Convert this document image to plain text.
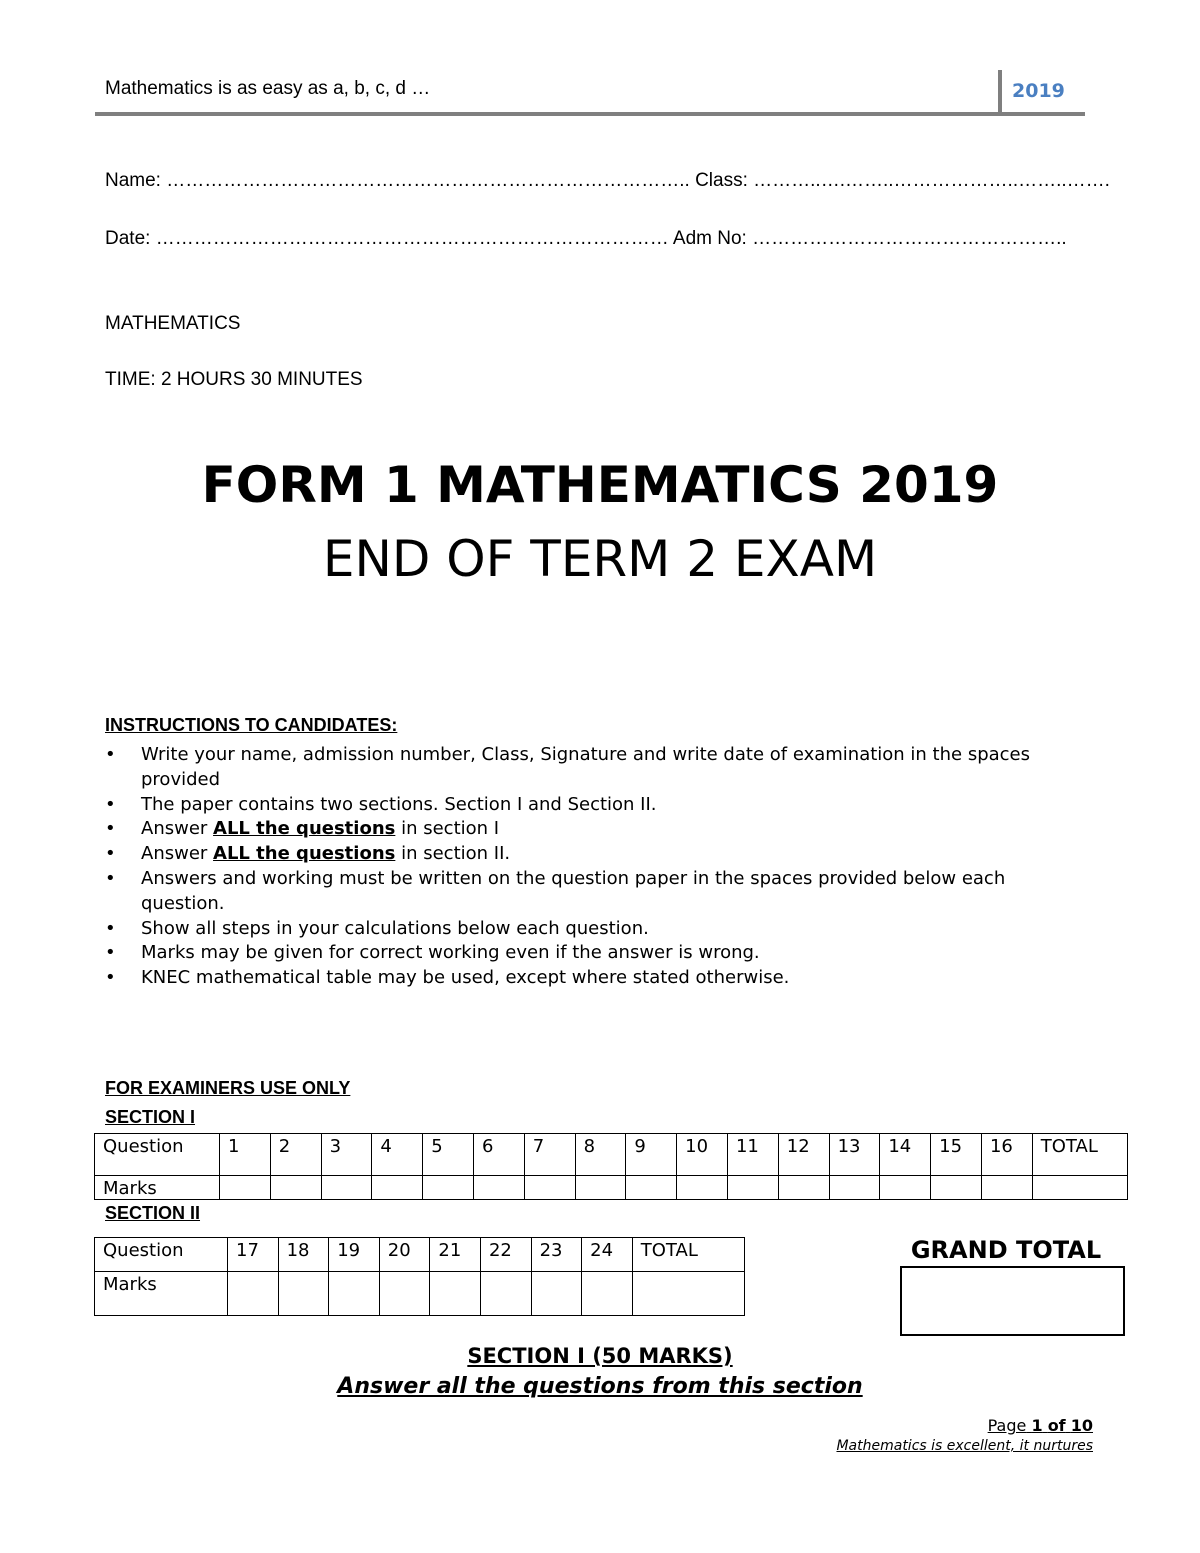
Mathematics is as easy as a, b, c, d …	2019
Name: ……………………………………………………………………….. Class: ………..….……..………………..……..…….
Date: ……………………………………………………………………… Adm No: …………………………………………..
MATHEMATICS
TIME: 2 HOURS 30 MINUTES
FORM 1 MATHEMATICS 2019
END OF TERM 2 EXAM
INSTRUCTIONS TO CANDIDATES:
• Write your name, admission number, Class, Signature and write date of examination in the spaces provided
• The paper contains two sections. Section I and Section II.
• Answer ALL the questions in section I
• Answer ALL the questions in section II.
• Answers and working must be written on the question paper in the spaces provided below each question.
• Show all steps in your calculations below each question.
• Marks may be given for correct working even if the answer is wrong.
• KNEC mathematical table may be used, except where stated otherwise.
FOR EXAMINERS USE ONLY
SECTION I
Question	1	2	3	4	5	6	7	8	9	10	11	12	13	14	15	16	TOTAL
Marks																	
SECTION II
Question	17	18	19	20	21	22	23	24	TOTAL
Marks									
GRAND TOTAL
SECTION I (50 MARKS)
Answer all the questions from this section
Page 1 of 10
Mathematics is excellent, it nurtures
